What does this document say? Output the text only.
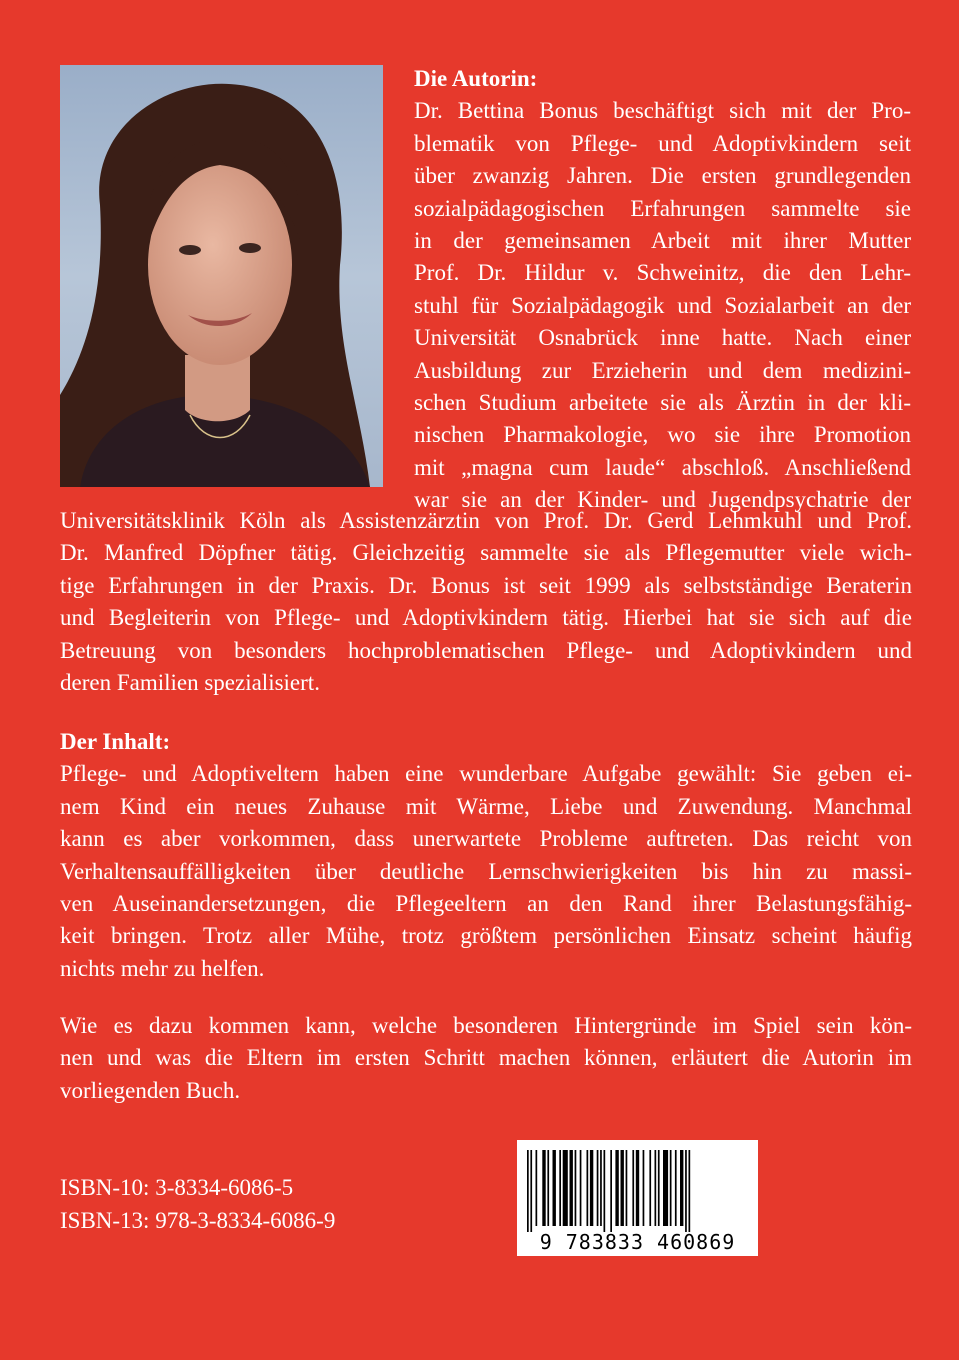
Die Autorin:
Dr. Bettina Bonus beschäftigt sich mit der Pro-
blematik von Pflege- und Adoptivkindern seit
über zwanzig Jahren. Die ersten grundlegenden
sozialpädagogischen Erfahrungen sammelte sie
in der gemeinsamen Arbeit mit ihrer Mutter
Prof. Dr. Hildur v. Schweinitz, die den Lehr-
stuhl für Sozialpädagogik und Sozialarbeit an der
Universität Osnabrück inne hatte. Nach einer
Ausbildung zur Erzieherin und dem medizini-
schen Studium arbeitete sie als Ärztin in der kli-
nischen Pharmakologie, wo sie ihre Promotion
mit „magna cum laude“ abschloß. Anschließend
war sie an der Kinder- und Jugendpsychatrie der
Universitätsklinik Köln als Assistenzärztin von Prof. Dr. Gerd Lehmkuhl und Prof.
Dr. Manfred Döpfner tätig. Gleichzeitig sammelte sie als Pflegemutter viele wich-
tige Erfahrungen in der Praxis. Dr. Bonus ist seit 1999 als selbstständige Beraterin
und Begleiterin von Pflege- und Adoptivkindern tätig. Hierbei hat sie sich auf die
Betreuung von besonders hochproblematischen Pflege- und Adoptivkindern und
deren Familien spezialisiert.
Der Inhalt:
Pflege- und Adoptiveltern haben eine wunderbare Aufgabe gewählt: Sie geben ei-
nem Kind ein neues Zuhause mit Wärme, Liebe und Zuwendung. Manchmal
kann es aber vorkommen, dass unerwartete Probleme auftreten. Das reicht von
Verhaltensauffälligkeiten über deutliche Lernschwierigkeiten bis hin zu massi-
ven Auseinandersetzungen, die Pflegeeltern an den Rand ihrer Belastungsfähig-
keit bringen. Trotz aller Mühe, trotz größtem persönlichen Einsatz scheint häufig
nichts mehr zu helfen.
Wie es dazu kommen kann, welche besonderen Hintergründe im Spiel sein kön-
nen und was die Eltern im ersten Schritt machen können, erläutert die Autorin im
vorliegenden Buch.
ISBN-10: 3-8334-6086-5
ISBN-13: 978-3-8334-6086-9
9 783833 460869
